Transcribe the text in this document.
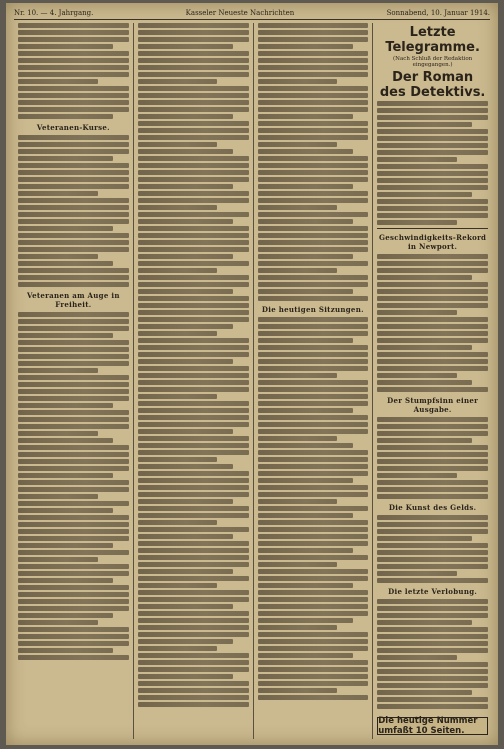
Nr. 10. — 4. Jahrgang.	Kasseler Neueste Nachrichten	Sonnabend, 10. Januar 1914.
Veteranen-Kurse.
Veteranen am Auge in Freiheit.
Die heutigen Sitzungen.
Letzte Telegramme.
(Nach Schluß der Redaktion eingegangen.)
Der Roman des Detektivs.
Geschwindigkeits-Rekord in Newport.
Der Stumpfsinn einer Ausgabe.
Die Kunst des Gelds.
Die letzte Verlobung.
Die heutige Nummer umfaßt 10 Seiten.
